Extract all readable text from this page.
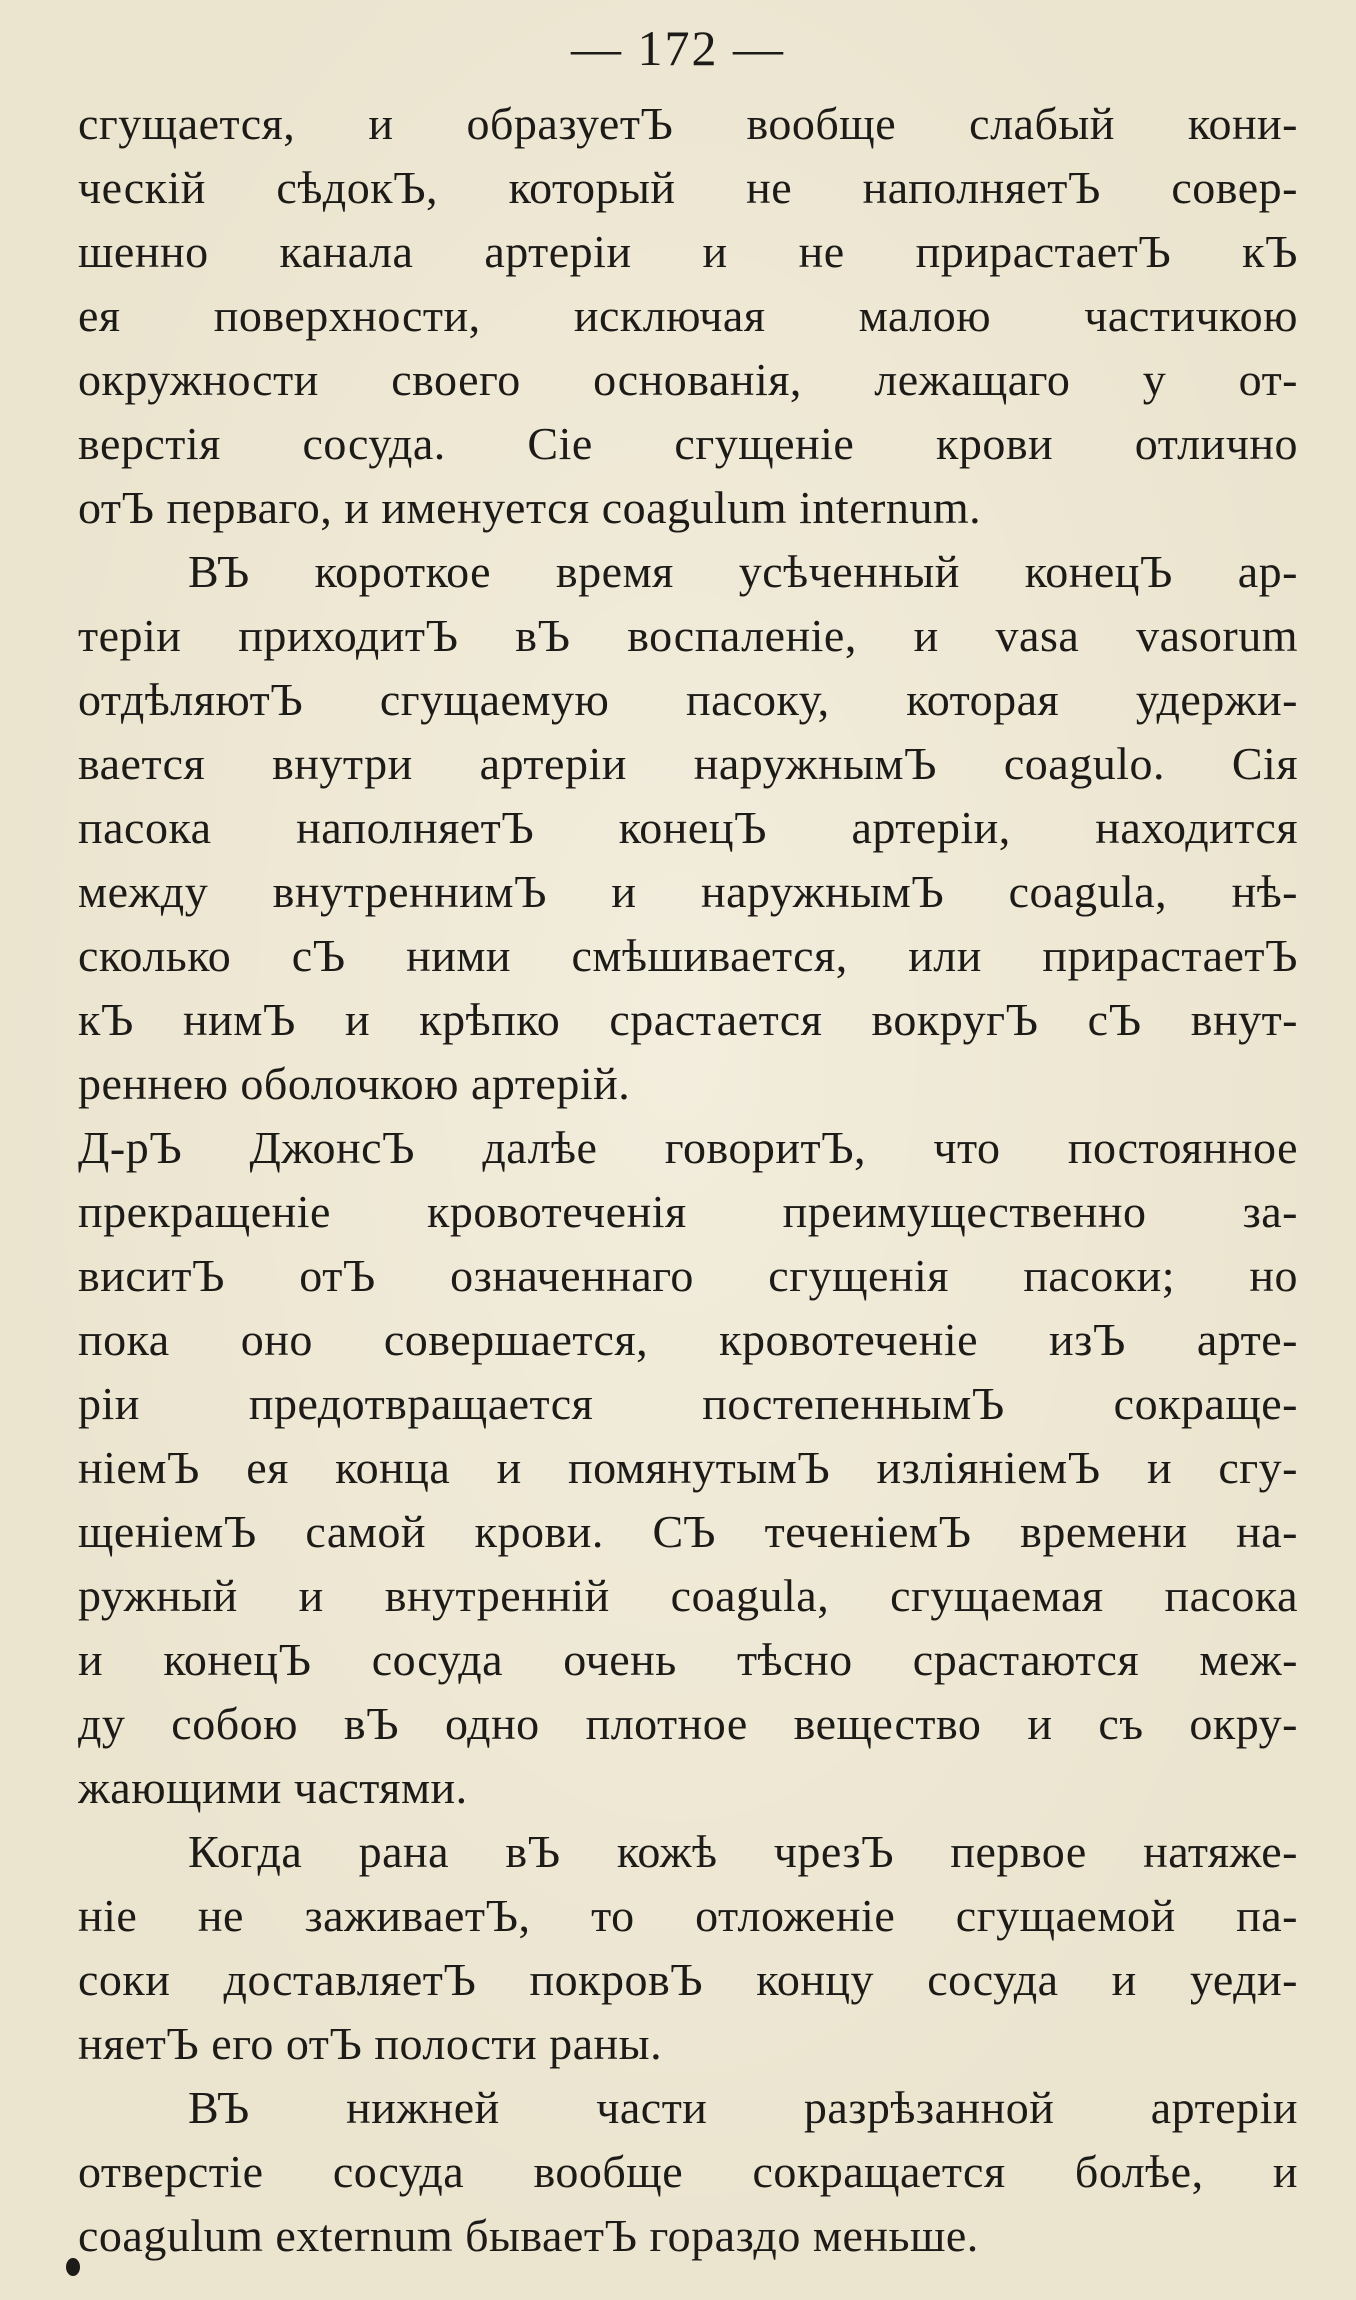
— 172 —
сгущается, и образуетЪ вообще слабый кони-
ческій сѣдокЪ, который не наполняетЪ совер-
шенно канала артеріи и не прирастаетЪ кЪ
ея поверхности, исключая малою частичкою
окружности своего основанія, лежащаго у от-
верстія сосуда. Сіе сгущеніе крови отлично
отЪ перваго, и именуется coagulum internum.
ВЪ короткое время усѣченный конецЪ ар-
теріи приходитЪ вЪ воспаленіе, и vasa vasorum
отдѣляютЪ сгущаемую пасоку, которая удержи-
вается внутри артеріи наружнымЪ coagulo. Сія
пасока наполняетЪ конецЪ артеріи, находится
между внутреннимЪ и наружнымЪ coagula, нѣ-
сколько сЪ ними смѣшивается, или прирастаетЪ
кЪ нимЪ и крѣпко срастается вокругЪ сЪ внут-
реннею оболочкою артерій.
Д-рЪ ДжонсЪ далѣе говоритЪ, что постоянное
прекращеніе кровотеченія преимущественно за-
виситЪ отЪ означеннаго сгущенія пасоки; но
пока оно совершается, кровотеченіе изЪ арте-
ріи предотвращается постепеннымЪ сокраще-
ніемЪ ея конца и помянутымЪ изліяніемЪ и сгу-
щеніемЪ самой крови. СЪ теченіемЪ времени на-
ружный и внутренній coagula, сгущаемая пасока
и конецЪ сосуда очень тѣсно срастаются меж-
ду собою вЪ одно плотное вещество и съ окру-
жающими частями.
Когда рана вЪ кожѣ чрезЪ первое натяже-
ніе не заживаетЪ, то отложеніе сгущаемой па-
соки доставляетЪ покровЪ концу сосуда и уеди-
няетЪ его отЪ полости раны.
ВЪ нижней части разрѣзанной артеріи
отверстіе сосуда вообще сокращается болѣе, и
coagulum externum бываетЪ гораздо меньше.
